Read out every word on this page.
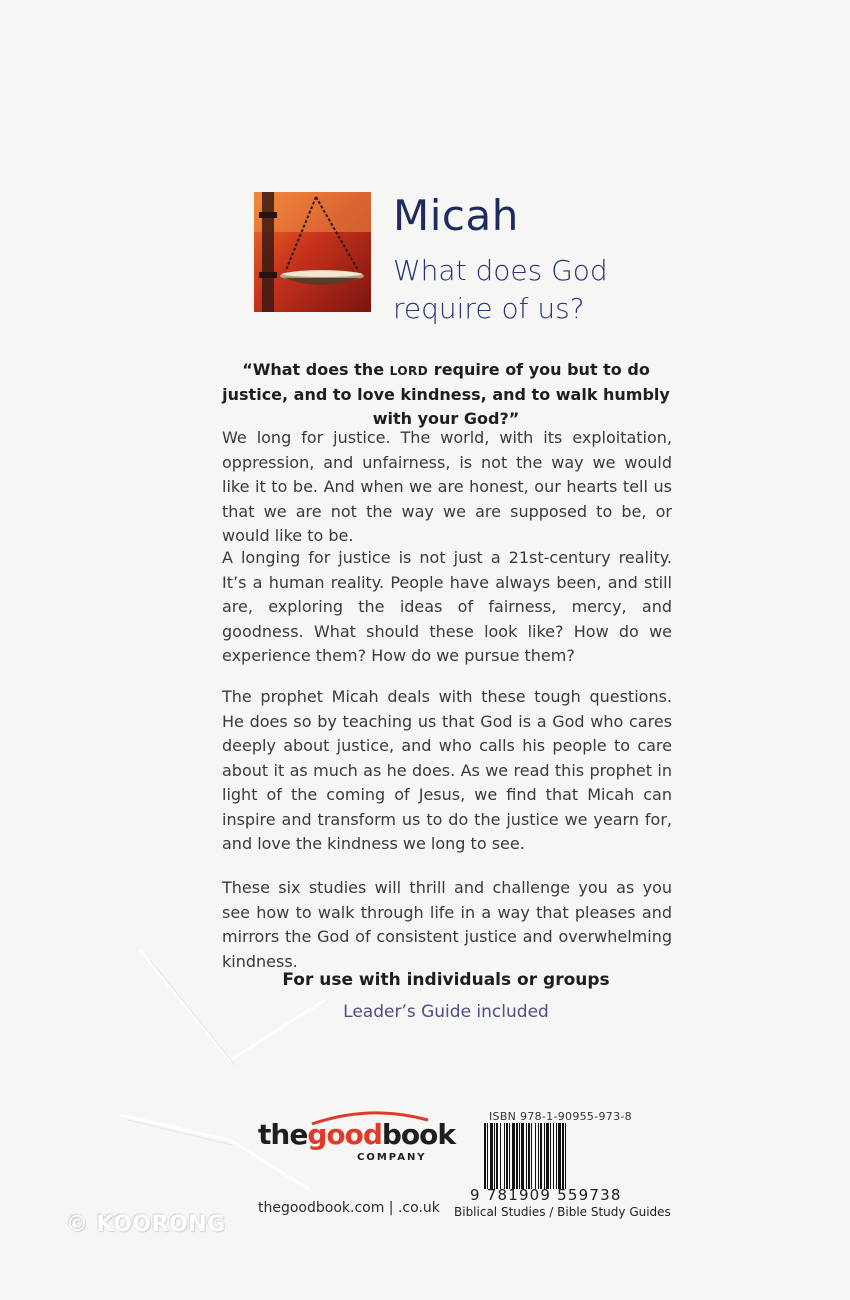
Micah

What does God
require of us?

“What does the LORD require of you but to do justice, and to love kindness, and to walk humbly with your God?”

We long for justice. The world, with its exploitation, oppression, and unfairness, is not the way we would like it to be. And when we are honest, our hearts tell us that we are not the way we are supposed to be, or would like to be.

A longing for justice is not just a 21st-century reality. It’s a human reality. People have always been, and still are, exploring the ideas of fairness, mercy, and goodness. What should these look like? How do we experience them? How do we pursue them?

The prophet Micah deals with these tough questions. He does so by teaching us that God is a God who cares deeply about justice, and who calls his people to care about it as much as he does. As we read this prophet in light of the coming of Jesus, we find that Micah can inspire and transform us to do the justice we yearn for, and love the kindness we long to see.

These six studies will thrill and challenge you as you see how to walk through life in a way that pleases and mirrors the God of consistent justice and overwhelming kindness.

For use with individuals or groups
Leader’s Guide included
thegoodbook
COMPANY
thegoodbook.com | .co.uk
ISBN 978-1-90955-973-8
9 781909 559738
Biblical Studies / Bible Study Guides
© KOORONG
